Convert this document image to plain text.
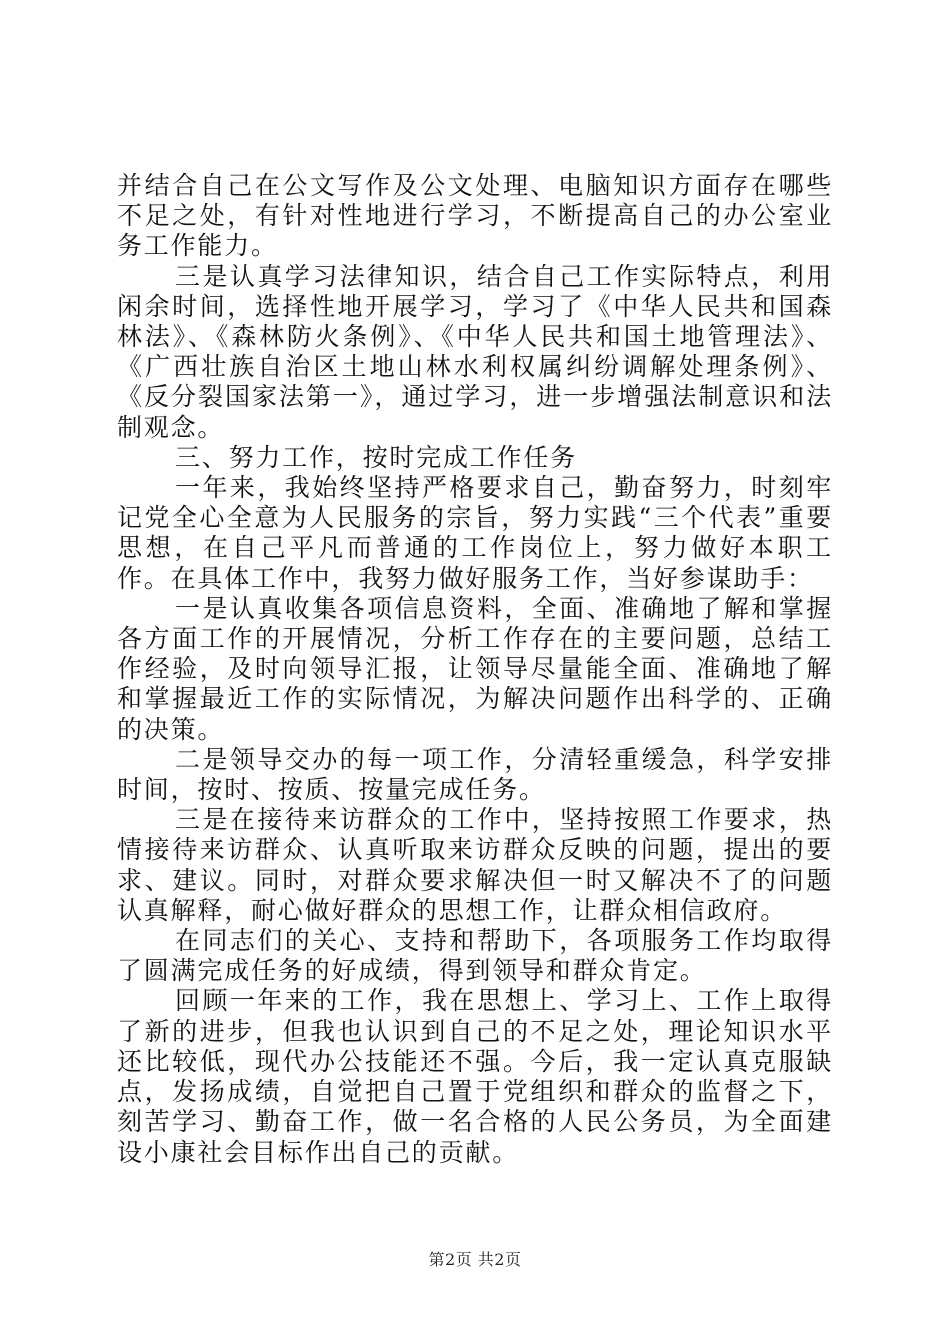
并结合自己在公文写作及公文处理、电脑知识方面存在哪些不足之处，有针对性地进行学习，不断提高自己的办公室业务工作能力。

三是认真学习法律知识，结合自己工作实际特点，利用闲余时间，选择性地开展学习，学习了《中华人民共和国森林法》、《森林防火条例》、《中华人民共和国土地管理法》、《广西壮族自治区土地山林水利权属纠纷调解处理条例》、《反分裂国家法第一》，通过学习，进一步增强法制意识和法制观念。

三、努力工作，按时完成工作任务

一年来，我始终坚持严格要求自己，勤奋努力，时刻牢记党全心全意为人民服务的宗旨，努力实践“三个代表”重要思想，在自己平凡而普通的工作岗位上，努力做好本职工作。在具体工作中，我努力做好服务工作，当好参谋助手：

一是认真收集各项信息资料，全面、准确地了解和掌握各方面工作的开展情况，分析工作存在的主要问题，总结工作经验，及时向领导汇报，让领导尽量能全面、准确地了解和掌握最近工作的实际情况，为解决问题作出科学的、正确的决策。

二是领导交办的每一项工作，分清轻重缓急，科学安排时间，按时、按质、按量完成任务。

三是在接待来访群众的工作中，坚持按照工作要求，热情接待来访群众、认真听取来访群众反映的问题，提出的要求、建议。同时，对群众要求解决但一时又解决不了的问题认真解释，耐心做好群众的思想工作，让群众相信政府。

在同志们的关心、支持和帮助下，各项服务工作均取得了圆满完成任务的好成绩，得到领导和群众肯定。

回顾一年来的工作，我在思想上、学习上、工作上取得了新的进步，但我也认识到自己的不足之处，理论知识水平还比较低，现代办公技能还不强。今后，我一定认真克服缺点，发扬成绩，自觉把自己置于党组织和群众的监督之下，刻苦学习、勤奋工作，做一名合格的人民公务员，为全面建设小康社会目标作出自己的贡献。

第2页 共2页
